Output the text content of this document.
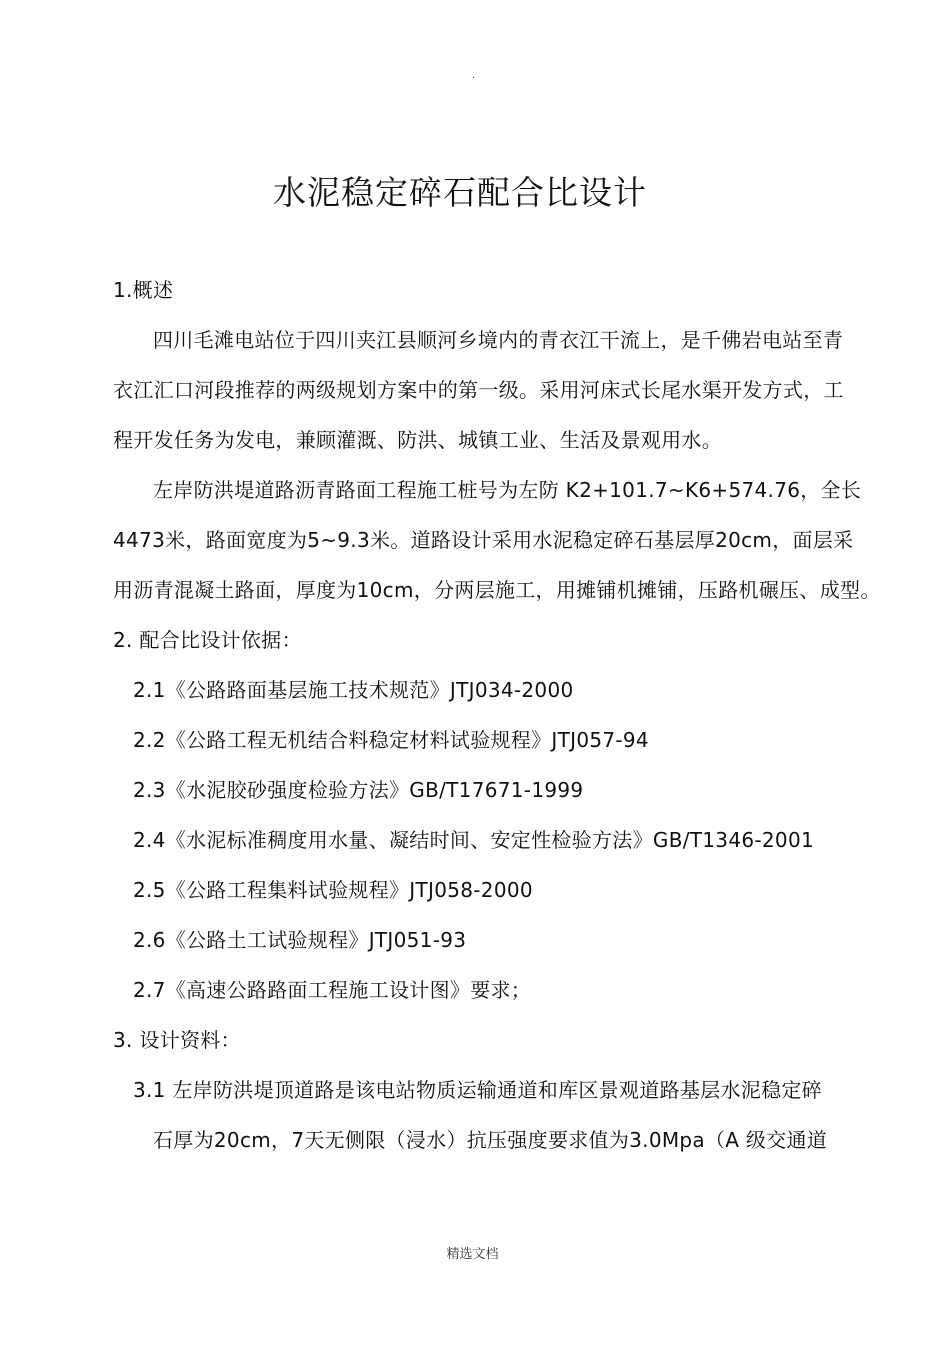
.
水泥稳定碎石配合比设计
1.概述
四川毛滩电站位于四川夹江县顺河乡境内的青衣江干流上，是千佛岩电站至青
衣江汇口河段推荐的两级规划方案中的第一级。采用河床式长尾水渠开发方式，工
程开发任务为发电，兼顾灌溉、防洪、城镇工业、生活及景观用水。
左岸防洪堤道路沥青路面工程施工桩号为左防 K2+101.7~K6+574.76，全长
4473米，路面宽度为5~9.3米。道路设计采用水泥稳定碎石基层厚20cm，面层采
用沥青混凝土路面，厚度为10cm，分两层施工，用摊铺机摊铺，压路机碾压、成型。
2. 配合比设计依据：
2.1《公路路面基层施工技术规范》JTJ034-2000
2.2《公路工程无机结合料稳定材料试验规程》JTJ057-94
2.3《水泥胶砂强度检验方法》GB/T17671-1999
2.4《水泥标准稠度用水量、凝结时间、安定性检验方法》GB/T1346-2001
2.5《公路工程集料试验规程》JTJ058-2000
2.6《公路土工试验规程》JTJ051-93
2.7《高速公路路面工程施工设计图》要求；
3. 设计资料：
3.1 左岸防洪堤顶道路是该电站物质运输通道和库区景观道路基层水泥稳定碎
石厚为20cm，7天无侧限（浸水）抗压强度要求值为3.0Mpa（A 级交通道
精选文档
